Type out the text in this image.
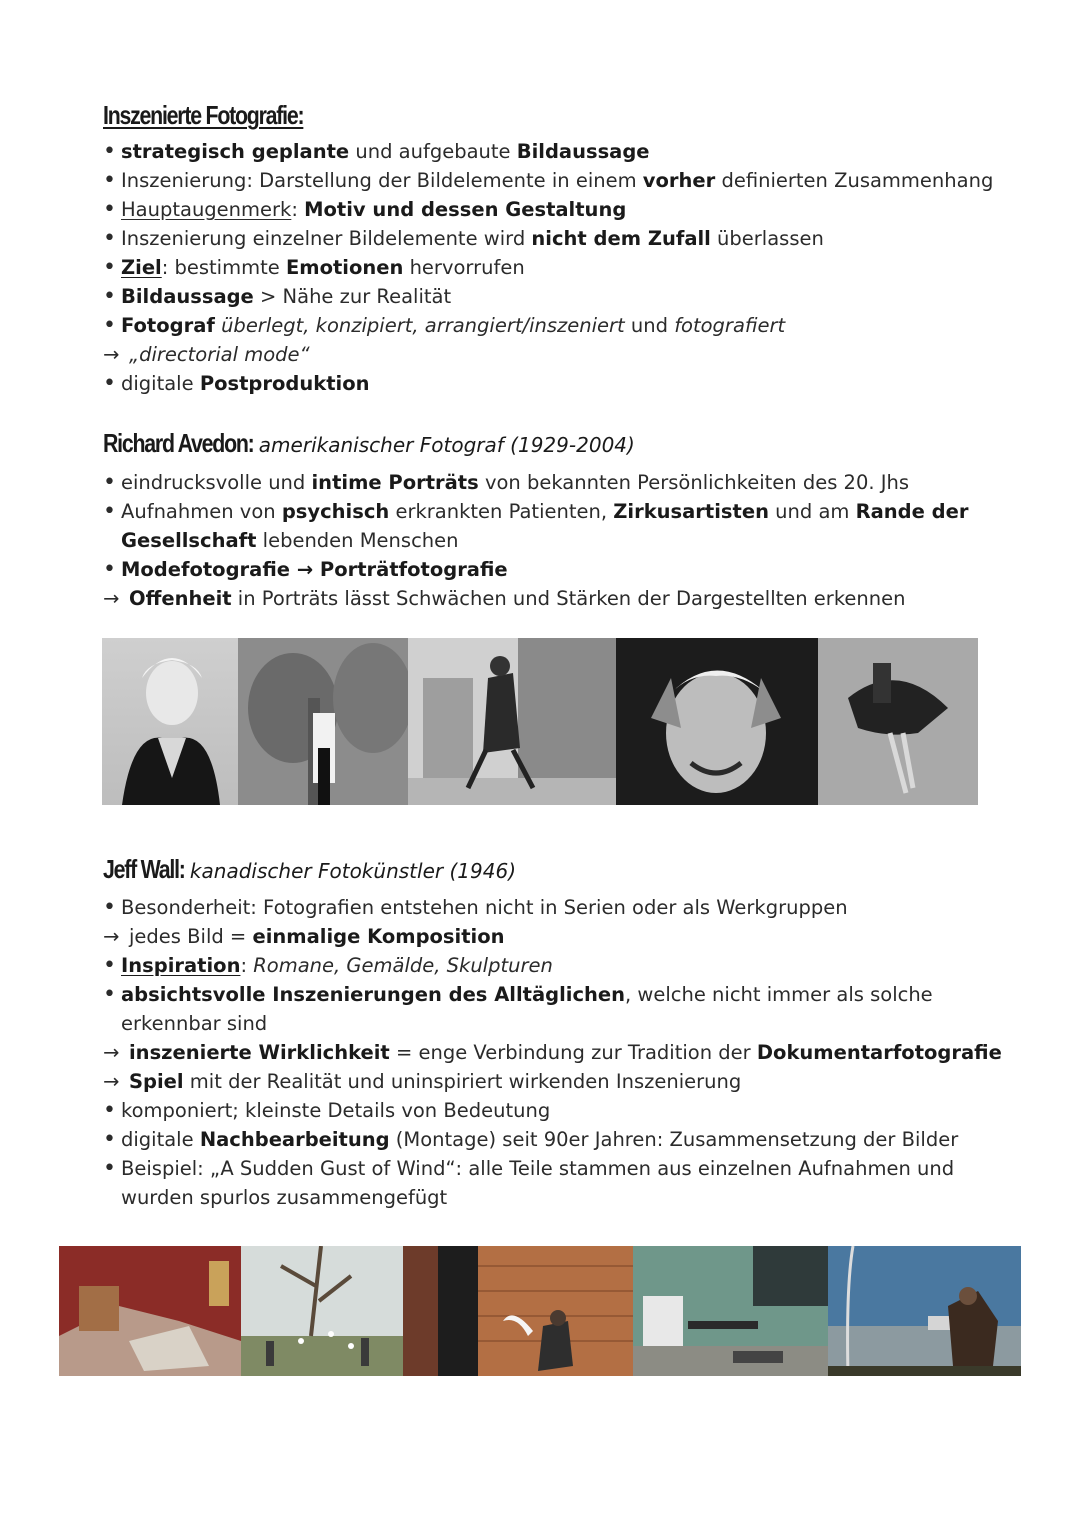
Inszenierte Fotografie:
• strategisch geplante und aufgebaute Bildaussage
• Inszenierung: Darstellung der Bildelemente in einem vorher definierten Zusammenhang
• Hauptaugenmerk: Motiv und dessen Gestaltung
• Inszenierung einzelner Bildelemente wird nicht dem Zufall überlassen
• Ziel: bestimmte Emotionen hervorrufen
• Bildaussage > Nähe zur Realität
• Fotograf überlegt, konzipiert, arrangiert/inszeniert und fotografiert
→ „directorial mode“
• digitale Postproduktion
Richard Avedon: amerikanischer Fotograf (1929-2004)
• eindrucksvolle und intime Porträts von bekannten Persönlichkeiten des 20. Jhs
• Aufnahmen von psychisch erkrankten Patienten, Zirkusartisten und am Rande der Gesellschaft lebenden Menschen
• Modefotografie → Porträtfotografie
→ Offenheit in Porträts lässt Schwächen und Stärken der Dargestellten erkennen
Jeff Wall: kanadischer Fotokünstler (1946)
• Besonderheit: Fotografien entstehen nicht in Serien oder als Werkgruppen
→ jedes Bild = einmalige Komposition
• Inspiration: Romane, Gemälde, Skulpturen
• absichtsvolle Inszenierungen des Alltäglichen, welche nicht immer als solche erkennbar sind
→ inszenierte Wirklichkeit = enge Verbindung zur Tradition der Dokumentarfotografie
→ Spiel mit der Realität und uninspiriert wirkenden Inszenierung
• komponiert; kleinste Details von Bedeutung
• digitale Nachbearbeitung (Montage) seit 90er Jahren: Zusammensetzung der Bilder
• Beispiel: „A Sudden Gust of Wind“: alle Teile stammen aus einzelnen Aufnahmen und wurden spurlos zusammengefügt
